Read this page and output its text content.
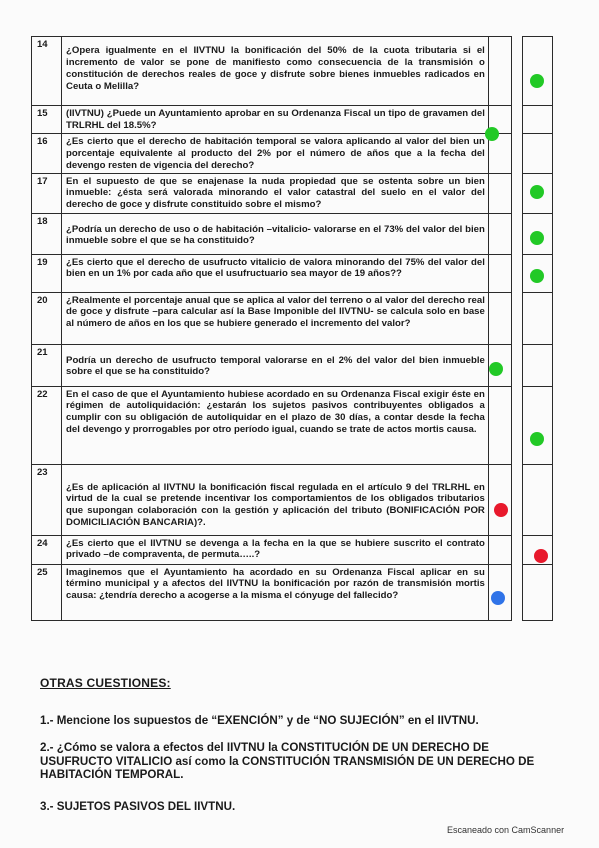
14	¿Opera igualmente en el IIVTNU la bonificación del 50% de la cuota tributaria si el incremento de valor se pone de manifiesto como consecuencia de la transmisión o constitución de derechos reales de goce y disfrute sobre bienes inmuebles radicados en Ceuta o Melilla?			

15	(IIVTNU) ¿Puede un Ayuntamiento aprobar en su Ordenanza Fiscal un tipo de gravamen del TRLRHL del 18.5%?			

16	¿Es cierto que el derecho de habitación temporal se valora aplicando al valor del bien un porcentaje equivalente al producto del 2% por el número de años que a la fecha del devengo resten de vigencia del derecho?			

17	En el supuesto de que se enajenase la nuda propiedad que se ostenta sobre un bien inmueble: ¿ésta será valorada minorando el valor catastral del suelo en el valor del derecho de goce y disfrute constituido sobre el mismo?			

18	¿Podría un derecho de uso o de habitación –vitalicio- valorarse en el 73% del valor del bien inmueble sobre el que se ha constituido?			

19	¿Es cierto que el derecho de usufructo vitalicio de valora minorando del 75% del valor del bien en un 1% por cada año que el usufructuario sea mayor de 19 años??			

20	¿Realmente el porcentaje anual que se aplica al valor del terreno o al valor del derecho real de goce y disfrute –para calcular así la Base Imponible del IIVTNU- se calcula solo en base al número de años en los que se hubiere generado el incremento del valor?			

21	Podría un derecho de usufructo temporal valorarse en el 2% del valor del bien inmueble sobre el que se ha constituido?			

22	En el caso de que el Ayuntamiento hubiese acordado en su Ordenanza Fiscal exigir éste en régimen de autoliquidación: ¿estarán los sujetos pasivos contribuyentes obligados a cumplir con su obligación de autoliquidar en el plazo de 30 días, a contar desde la fecha del devengo y prorrogables por otro período igual, cuando se trate de actos mortis causa.			

23	¿Es de aplicación al IIVTNU la bonificación fiscal regulada en el artículo 9 del TRLRHL en virtud de la cual se pretende incentivar los comportamientos de los obligados tributarios que supongan colaboración con la gestión y aplicación del tributo (BONIFICACIÓN POR DOMICILIACIÓN BANCARIA)?.			

24	¿Es cierto que el IIVTNU se devenga a la fecha en la que se hubiere suscrito el contrato privado –de compraventa, de permuta…..?			

25	Imaginemos que el Ayuntamiento ha acordado en su Ordenanza Fiscal aplicar en su término municipal y a afectos del IIVTNU la bonificación por razón de transmisión mortis causa: ¿tendría derecho a acogerse a la misma el cónyuge del fallecido?			

OTRAS CUESTIONES:
1.- Mencione los supuestos de “EXENCIÓN” y de “NO SUJECIÓN” en el IIVTNU.
2.- ¿Cómo se valora a efectos del IIVTNU la CONSTITUCIÓN DE UN DERECHO DE USUFRUCTO VITALICIO así como la CONSTITUCIÓN TRANSMISIÓN DE UN DERECHO DE HABITACIÓN TEMPORAL.
3.- SUJETOS PASIVOS DEL IIVTNU.
Escaneado con CamScanner
